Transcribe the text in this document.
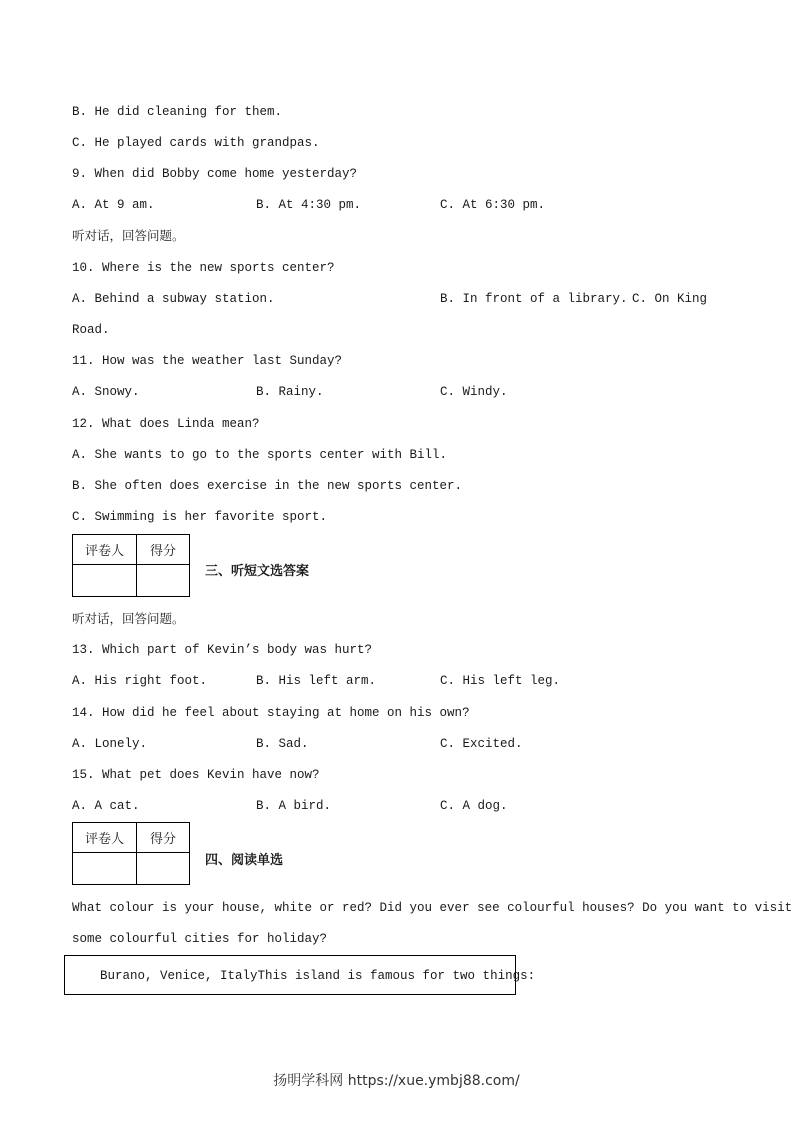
B. He did cleaning for them.

C. He played cards with grandpas.

9. When did Bobby come home yesterday?

A. At 9 am.	B. At 4:30 pm.	C. At 6:30 pm.

听对话，回答问题。

10. Where is the new sports center?

A. Behind a subway station.	B. In front of a library. C. On King

Road.

11. How was the weather last Sunday?

A. Snowy.	B. Rainy.	C. Windy.

12. What does Linda mean?

A. She wants to go to the sports center with Bill.

B. She often does exercise in the new sports center.

C. Swimming is her favorite sport.

评卷人	得分

三、听短文选答案

听对话，回答问题。

13. Which part of Kevin’s body was hurt?

A. His right foot.	B. His left arm.	C. His left leg.

14. How did he feel about staying at home on his own?

A. Lonely.	B. Sad.	C. Excited.

15. What pet does Kevin have now?

A. A cat.	B. A bird.	C. A dog.

评卷人	得分

四、阅读单选

What colour is your house, white or red? Did you ever see colourful houses? Do you want to visit

some colourful cities for holiday?

Burano, Venice, ItalyThis island is famous for two things:
扬明学科网 https://xue.ymbj88.com/
